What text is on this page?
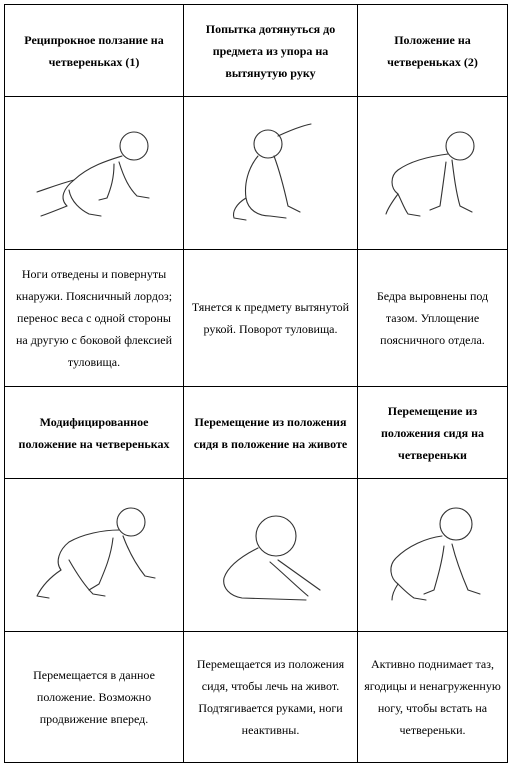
Реципрокное ползание на четвереньках (1)	Попытка дотянуться до предмета из упора на вытянутую руку	Положение на четвереньках (2)

Ноги отведены и повернуты кнаружи. Поясничный лордоз; перенос веса с одной стороны на другую с боковой флексией туловища.	Тянется к предмету вытянутой рукой. Поворот туловища.	Бедра выровнены под тазом. Уплощение поясничного отдела.
Модифицированное положение на четвереньках	Перемещение из положения сидя в положение на животе	Перемещение из положения сидя на четвереньки

Перемещается в данное положение. Возможно продвижение вперед.	Перемещается из положения сидя, чтобы лечь на живот. Подтягивается руками, ноги неактивны.	Активно поднимает таз, ягодицы и ненагруженную ногу, чтобы встать на четвереньки.
